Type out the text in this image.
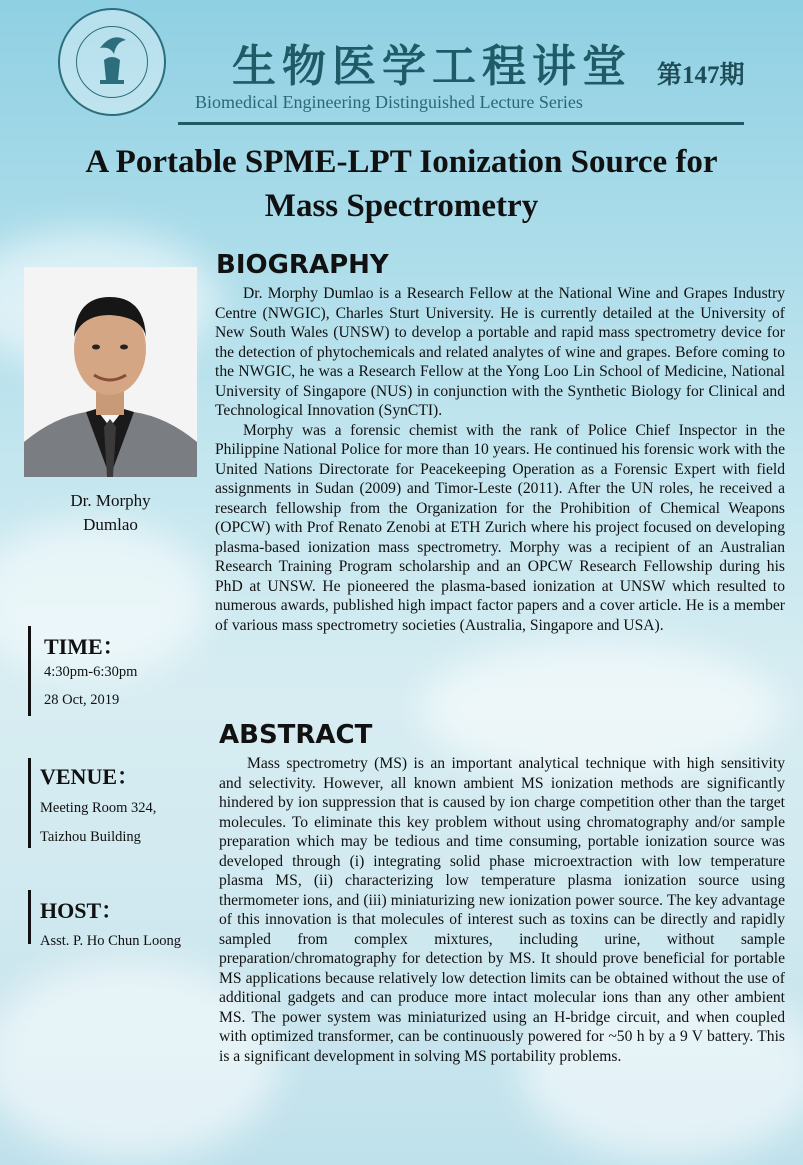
生物医学工程讲堂 第147期
Biomedical Engineering Distinguished Lecture Series
A Portable SPME-LPT Ionization Source for
Mass Spectrometry
Dr. Morphy
Dumlao
TIME：
4:30pm-6:30pm
28 Oct, 2019
VENUE：
Meeting Room 324,
Taizhou Building
HOST：
Asst. P. Ho Chun Loong
BIOGRAPHY

Dr. Morphy Dumlao is a Research Fellow at the National Wine and Grapes Industry Centre (NWGIC), Charles Sturt University. He is currently detailed at the University of New South Wales (UNSW) to develop a portable and rapid mass spectrometry device for the detection of phytochemicals and related analytes of wine and grapes. Before coming to the NWGIC, he was a Research Fellow at the Yong Loo Lin School of Medicine, National University of Singapore (NUS) in conjunction with the Synthetic Biology for Clinical and Technological Innovation (SynCTI).

Morphy was a forensic chemist with the rank of Police Chief Inspector in the Philippine National Police for more than 10 years. He continued his forensic work with the United Nations Directorate for Peacekeeping Operation as a Forensic Expert with field assignments in Sudan (2009) and Timor-Leste (2011). After the UN roles, he received a research fellowship from the Organization for the Prohibition of Chemical Weapons (OPCW) with Prof Renato Zenobi at ETH Zurich where his project focused on developing plasma-based ionization mass spectrometry. Morphy was a recipient of an Australian Research Training Program scholarship and an OPCW Research Fellowship during his PhD at UNSW. He pioneered the plasma-based ionization at UNSW which resulted to numerous awards, published high impact factor papers and a cover article. He is a member of various mass spectrometry societies (Australia, Singapore and USA).

ABSTRACT

Mass spectrometry (MS) is an important analytical technique with high sensitivity and selectivity. However, all known ambient MS ionization methods are significantly hindered by ion suppression that is caused by ion charge competition other than the target molecules. To eliminate this key problem without using chromatography and/or sample preparation which may be tedious and time consuming, portable ionization source was developed through (i) integrating solid phase microextraction with low temperature plasma MS, (ii) characterizing low temperature plasma ionization source using thermometer ions, and (iii) miniaturizing new ionization power source. The key advantage of this innovation is that molecules of interest such as toxins can be directly and rapidly sampled from complex mixtures, including urine, without sample preparation/chromatography for detection by MS. It should prove beneficial for portable MS applications because relatively low detection limits can be obtained without the use of additional gadgets and can produce more intact molecular ions than any other ambient MS. The power system was miniaturized using an H-bridge circuit, and when coupled with optimized transformer, can be continuously powered for ~50 h by a 9 V battery. This is a significant development in solving MS portability problems.
